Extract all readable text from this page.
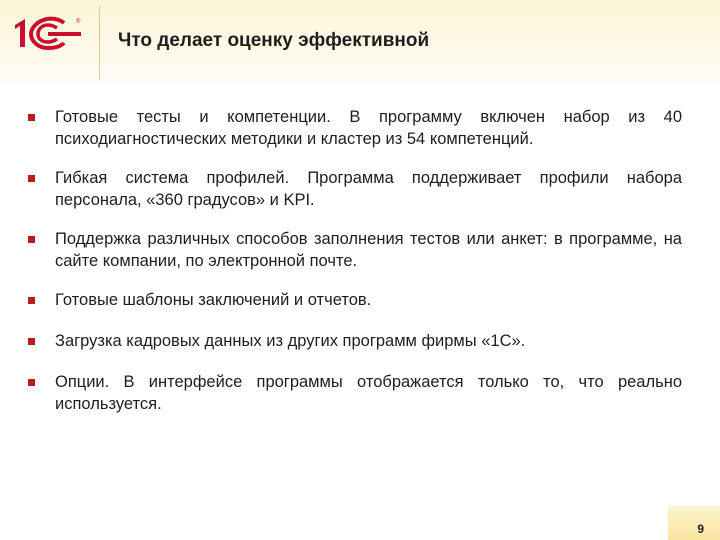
®
Что делает оценку эффективной
Готовые тесты и компетенции. В программу включен набор из 40 психодиагностических методики и кластер из 54 компетенций.
Гибкая система профилей. Программа поддерживает профили набора персонала, «360 градусов» и KPI.
Поддержка различных способов заполнения тестов или анкет: в программе, на сайте компании, по электронной почте.
Готовые шаблоны заключений и отчетов.
Загрузка кадровых данных из других программ фирмы «1С».
Опции. В интерфейсе программы отображается только то, что реально используется.
9
